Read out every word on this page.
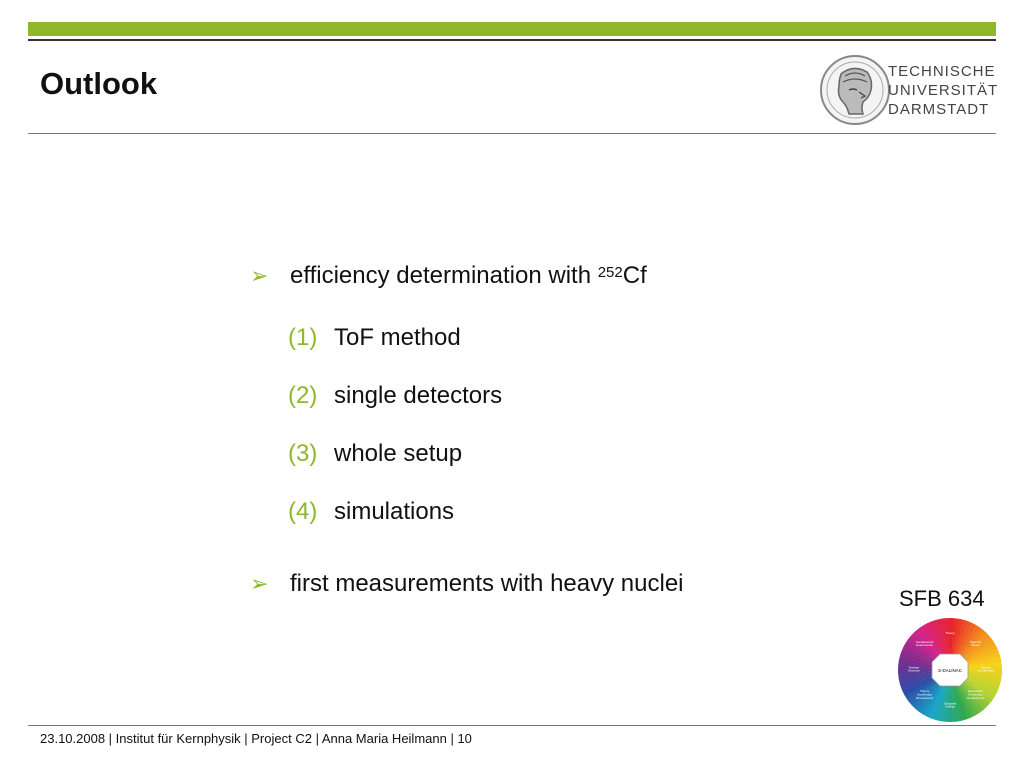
Outlook	TECHNISCHE
UNIVERSITÄT
DARMSTADT
➢ efficiency determination with $^{252}$Cf
(1) ToF method
(2) single detectors
(3) whole setup
(4) simulations
➢ first measurements with heavy nuclei
SFB 634
S-DALINAC
Theory
Spectral Chaos
Nuclear Astrophysics
Experiment Accelerator Development
Graduate College
Theory Accelerator Development
Nuclear Structure
Fundamental Experiments
23.10.2008 | Institut für Kernphysik | Project C2 | Anna Maria Heilmann | 10
